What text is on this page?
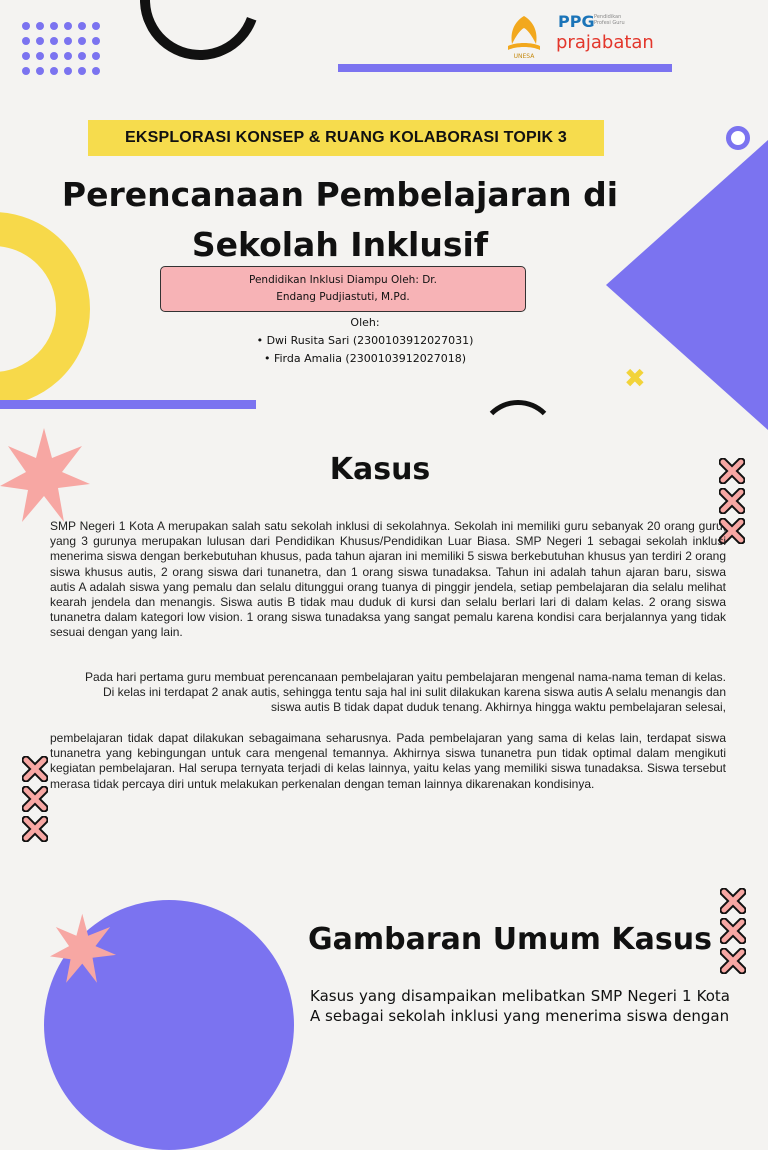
✖
UNESA
PPG Pendidikan Profesi Guru
prajabatan
EKSPLORASI KONSEP & RUANG KOLABORASI TOPIK 3
Perencanaan Pembelajaran di
Sekolah Inklusif
Pendidikan Inklusi Diampu Oleh: Dr.
Endang Pudjiastuti, M.Pd.
Oleh:
• Dwi Rusita Sari (2300103912027031)
• Firda Amalia (2300103912027018)
Kasus
SMP Negeri 1 Kota A merupakan salah satu sekolah inklusi di sekolahnya. Sekolah ini memiliki guru sebanyak 20 orang guru, yang 3 gurunya merupakan lulusan dari Pendidikan Khusus/Pendidikan Luar Biasa. SMP Negeri 1 sebagai sekolah inklusi menerima siswa dengan berkebutuhan khusus, pada tahun ajaran ini memiliki 5 siswa berkebutuhan khusus yan terdiri 2 orang siswa khusus autis, 2 orang siswa dari tunanetra, dan 1 orang siswa tunadaksa. Tahun ini adalah tahun ajaran baru, siswa autis A adalah siswa yang pemalu dan selalu ditunggui orang tuanya di pinggir jendela, setiap pembelajaran dia selalu melihat kearah jendela dan menangis. Siswa autis B tidak mau duduk di kursi dan selalu berlari lari di dalam kelas. 2 orang siswa tunanetra dalam kategori low vision. 1 orang siswa tunadaksa yang sangat pemalu karena kondisi cara berjalannya yang tidak sesuai dengan yang lain.
Pada hari pertama guru membuat perencanaan pembelajaran yaitu pembelajaran mengenal nama-nama teman di kelas. Di kelas ini terdapat 2 anak autis, sehingga tentu saja hal ini sulit dilakukan karena siswa autis A selalu menangis dan siswa autis B tidak dapat duduk tenang. Akhirnya hingga waktu pembelajaran selesai,
pembelajaran tidak dapat dilakukan sebagaimana seharusnya. Pada pembelajaran yang sama di kelas lain, terdapat siswa tunanetra yang kebingungan untuk cara mengenal temannya. Akhirnya siswa tunanetra pun tidak optimal dalam mengikuti kegiatan pembelajaran. Hal serupa ternyata terjadi di kelas lainnya, yaitu kelas yang memiliki siswa tunadaksa. Siswa tersebut merasa tidak percaya diri untuk melakukan perkenalan dengan teman lainnya dikarenakan kondisinya.
Gambaran Umum Kasus
Kasus yang disampaikan melibatkan SMP Negeri 1 Kota A sebagai sekolah inklusi yang menerima siswa dengan
